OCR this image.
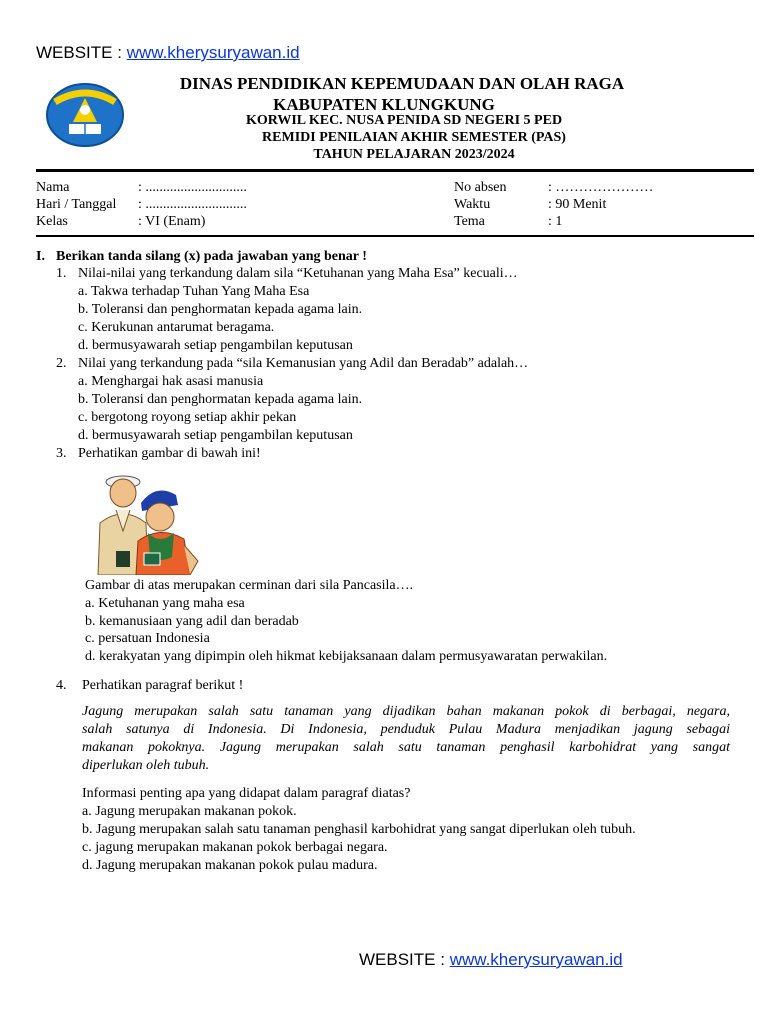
WEBSITE : www.kherysuryawan.id
DINAS PENDIDIKAN KEPEMUDAAN DAN OLAH RAGA
KABUPATEN KLUNGKUNG
KORWIL KEC. NUSA PENIDA SD NEGERI 5 PED
REMIDI PENILAIAN AKHIR SEMESTER (PAS)
TAHUN PELAJARAN 2023/2024
Nama
Hari / Tanggal
Kelas
: .............................
: .............................
: VI (Enam)
No absen
Waktu
Tema
: …………………
: 90 Menit
: 1
I. Berikan tanda silang (x) pada jawaban yang benar !
1. Nilai-nilai yang terkandung dalam sila “Ketuhanan yang Maha Esa” kecuali…
a. Takwa terhadap Tuhan Yang Maha Esa
b. Toleransi dan penghormatan kepada agama lain.
c. Kerukunan antarumat beragama.
d. bermusyawarah setiap pengambilan keputusan
2. Nilai yang terkandung pada “sila Kemanusian yang Adil dan Beradab” adalah…
a. Menghargai hak asasi manusia
b. Toleransi dan penghormatan kepada agama lain.
c. bergotong royong setiap akhir pekan
d. bermusyawarah setiap pengambilan keputusan
3. Perhatikan gambar di bawah ini!
Gambar di atas merupakan cerminan dari sila Pancasila….
a. Ketuhanan yang maha esa
b. kemanusiaan yang adil dan beradab
c. persatuan Indonesia
d. kerakyatan yang dipimpin oleh hikmat kebijaksanaan dalam permusyawaratan perwakilan.
4. Perhatikan paragraf berikut !
Jagung merupakan salah satu tanaman yang dijadikan bahan makanan pokok di berbagai, negara,
salah satunya di Indonesia. Di Indonesia, penduduk Pulau Madura menjadikan jagung sebagai
makanan pokoknya. Jagung merupakan salah satu tanaman penghasil karbohidrat yang sangat
diperlukan oleh tubuh.
Informasi penting apa yang didapat dalam paragraf diatas?
a. Jagung merupakan makanan pokok.
b. Jagung merupakan salah satu tanaman penghasil karbohidrat yang sangat diperlukan oleh tubuh.
c. jagung merupakan makanan pokok berbagai negara.
d. Jagung merupakan makanan pokok pulau madura.
WEBSITE : www.kherysuryawan.id
